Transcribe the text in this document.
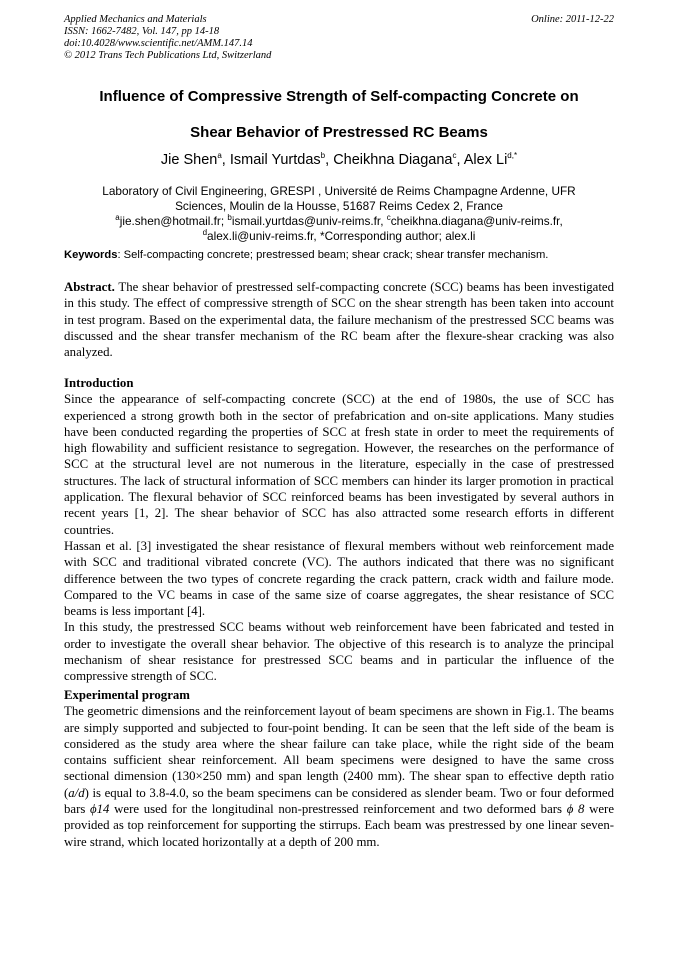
Applied Mechanics and Materials
ISSN: 1662-7482, Vol. 147, pp 14-18
doi:10.4028/www.scientific.net/AMM.147.14
© 2012 Trans Tech Publications Ltd, Switzerland
Online: 2011-12-22
Influence of Compressive Strength of Self-compacting Concrete on
Shear Behavior of Prestressed RC Beams
Jie Shen$^a$, Ismail Yurtdas$^b$, Cheikhna Diagana$^c$, Alex $Li^{d,*}$
Laboratory of Civil Engineering, GRESPI , Université de Reims Champagne Ardenne, UFR
Sciences, Moulin de la Housse, 51687 Reims Cedex 2, France
$^a$jie.shen@hotmail.fr; $^b$ismail.yurtdas@univ-reims.fr, $^c$cheikhna.diagana@univ-reims.fr,
$^d$alex.li@univ-reims.fr, *Corresponding author; alex.li
Keywords: Self-compacting concrete; prestressed beam; shear crack; shear transfer mechanism.
Abstract. The shear behavior of prestressed self-compacting concrete (SCC) beams has been investigated in this study. The effect of compressive strength of SCC on the shear strength has been taken into account in test program. Based on the experimental data, the failure mechanism of the prestressed SCC beams was discussed and the shear transfer mechanism of the RC beam after the flexure-shear cracking was also analyzed.
Introduction
Since the appearance of self-compacting concrete (SCC) at the end of 1980s, the use of SCC has experienced a strong growth both in the sector of prefabrication and on-site applications. Many studies have been conducted regarding the properties of SCC at fresh state in order to meet the requirements of high flowability and sufficient resistance to segregation. However, the researches on the performance of SCC at the structural level are not numerous in the literature, especially in the case of prestressed structures. The lack of structural information of SCC members can hinder its larger promotion in practical application. The flexural behavior of SCC reinforced beams has been investigated by several authors in recent years [1, 2]. The shear behavior of SCC has also attracted some research efforts in different countries.
Hassan et al. [3] investigated the shear resistance of flexural members without web reinforcement made with SCC and traditional vibrated concrete (VC). The authors indicated that there was no significant difference between the two types of concrete regarding the crack pattern, crack width and failure mode. Compared to the VC beams in case of the same size of coarse aggregates, the shear resistance of SCC beams is less important [4].
In this study, the prestressed SCC beams without web reinforcement have been fabricated and tested in order to investigate the overall shear behavior. The objective of this research is to analyze the principal mechanism of shear resistance for prestressed SCC beams and in particular the influence of the compressive strength of SCC.
Experimental program
The geometric dimensions and the reinforcement layout of beam specimens are shown in Fig.1. The beams are simply supported and subjected to four-point bending. It can be seen that the left side of the beam is considered as the study area where the shear failure can take place, while the right side of the beam contains sufficient shear reinforcement. All beam specimens were designed to have the same cross sectional dimension (130×250 mm) and span length (2400 mm). The shear span to effective depth ratio (a/d) is equal to 3.8-4.0, so the beam specimens can be considered as slender beam. Two or four deformed bars ϕ14 were used for the longitudinal non-prestressed reinforcement and two deformed bars ϕ 8 were provided as top reinforcement for supporting the stirrups. Each beam was prestressed by one linear seven-wire strand, which located horizontally at a depth of 200 mm.
